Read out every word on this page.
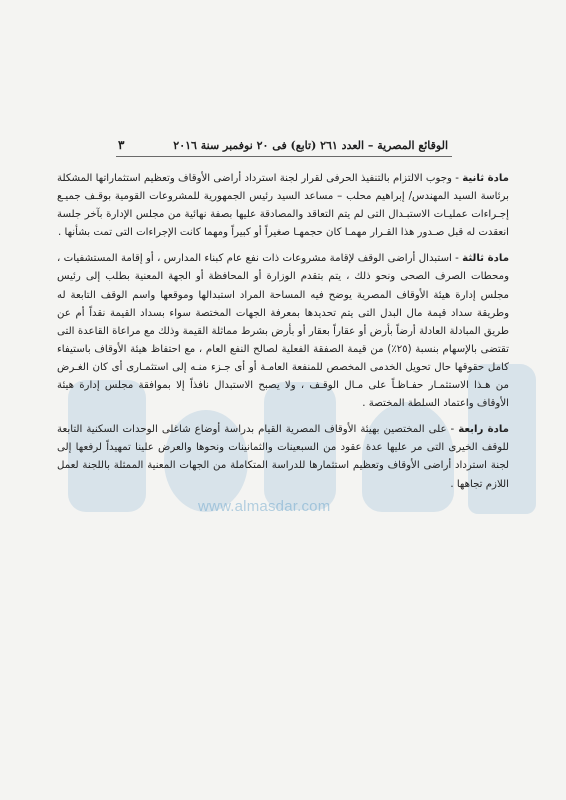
www.almasdar.com
الوقائع المصرية – العدد ٢٦١ (تابع) فى ٢٠ نوفمبر سنة ٢٠١٦
٣

مادة ثانية - وجوب الالتزام بالتنفيذ الحرفى لقرار لجنة استرداد أراضى الأوقاف وتعظيم استثماراتها المشكلة برئاسة السيد المهندس/ إبراهيم محلب – مساعد السيد رئيس الجمهورية للمشروعات القومية بوقـف جميـع إجـراءات عمليـات الاستبـدال التى لم يتم التعاقد والمصادقة عليها بصفة نهائية من مجلس الإدارة بآخر جلسة انعقدت له قبل صـدور هذا القـرار مهمـا كان حجمهـا صغيراً أو كبيراً ومهما كانت الإجراءات التى تمت بشأنها .

مادة ثالثة - استبدال أراضى الوقف لإقامة مشروعات ذات نفع عام كبناء المدارس ، أو إقامة المستشفيات ، ومحطات الصرف الصحى ونحو ذلك ، يتم بتقدم الوزارة أو المحافظة أو الجهة المعنية بطلب إلى رئيس مجلس إدارة هيئة الأوقاف المصرية يوضح فيه المساحة المراد استبدالها وموقعها واسم الوقف التابعة له وطريقة سداد قيمة مال البدل التى يتم تحديدها بمعرفة الجهات المختصة سواء بسداد القيمة نقداً أم عن طريق المبادلة العادلة أرضاً بأرض أو عقاراً بعقار أو بأرض بشرط مماثلة القيمة وذلك مع مراعاة القاعدة التى تقتضى بالإسهام بنسبة (٢٥٪) من قيمة الصفقة الفعلية لصالح النفع العام ، مع احتفاظ هيئة الأوقاف باستيفاء كامل حقوقها حال تحويل الخدمى المخصص للمنفعة العامـة أو أى جـزء منـه إلى استثمـارى أى كان الغـرض من هـذا الاستثمـار حفـاظـاً على مـال الوقـف ، ولا يصبح الاستبدال نافذاً إلا بموافقة مجلس إدارة هيئة الأوقاف واعتماد السلطة المختصة .

مادة رابعة - على المختصين بهيئة الأوقاف المصرية القيام بدراسة أوضاع شاغلى الوحدات السكنية التابعة للوقف الخيرى التى مر عليها عدة عقود من السبعينات والثمانينات ونحوها والعرض علينا تمهيداً لرفعها إلى لجنة استرداد أراضى الأوقاف وتعظيم استثمارها للدراسة المتكاملة من الجهات المعنية الممثلة باللجنة لعمل اللازم تجاهها .
